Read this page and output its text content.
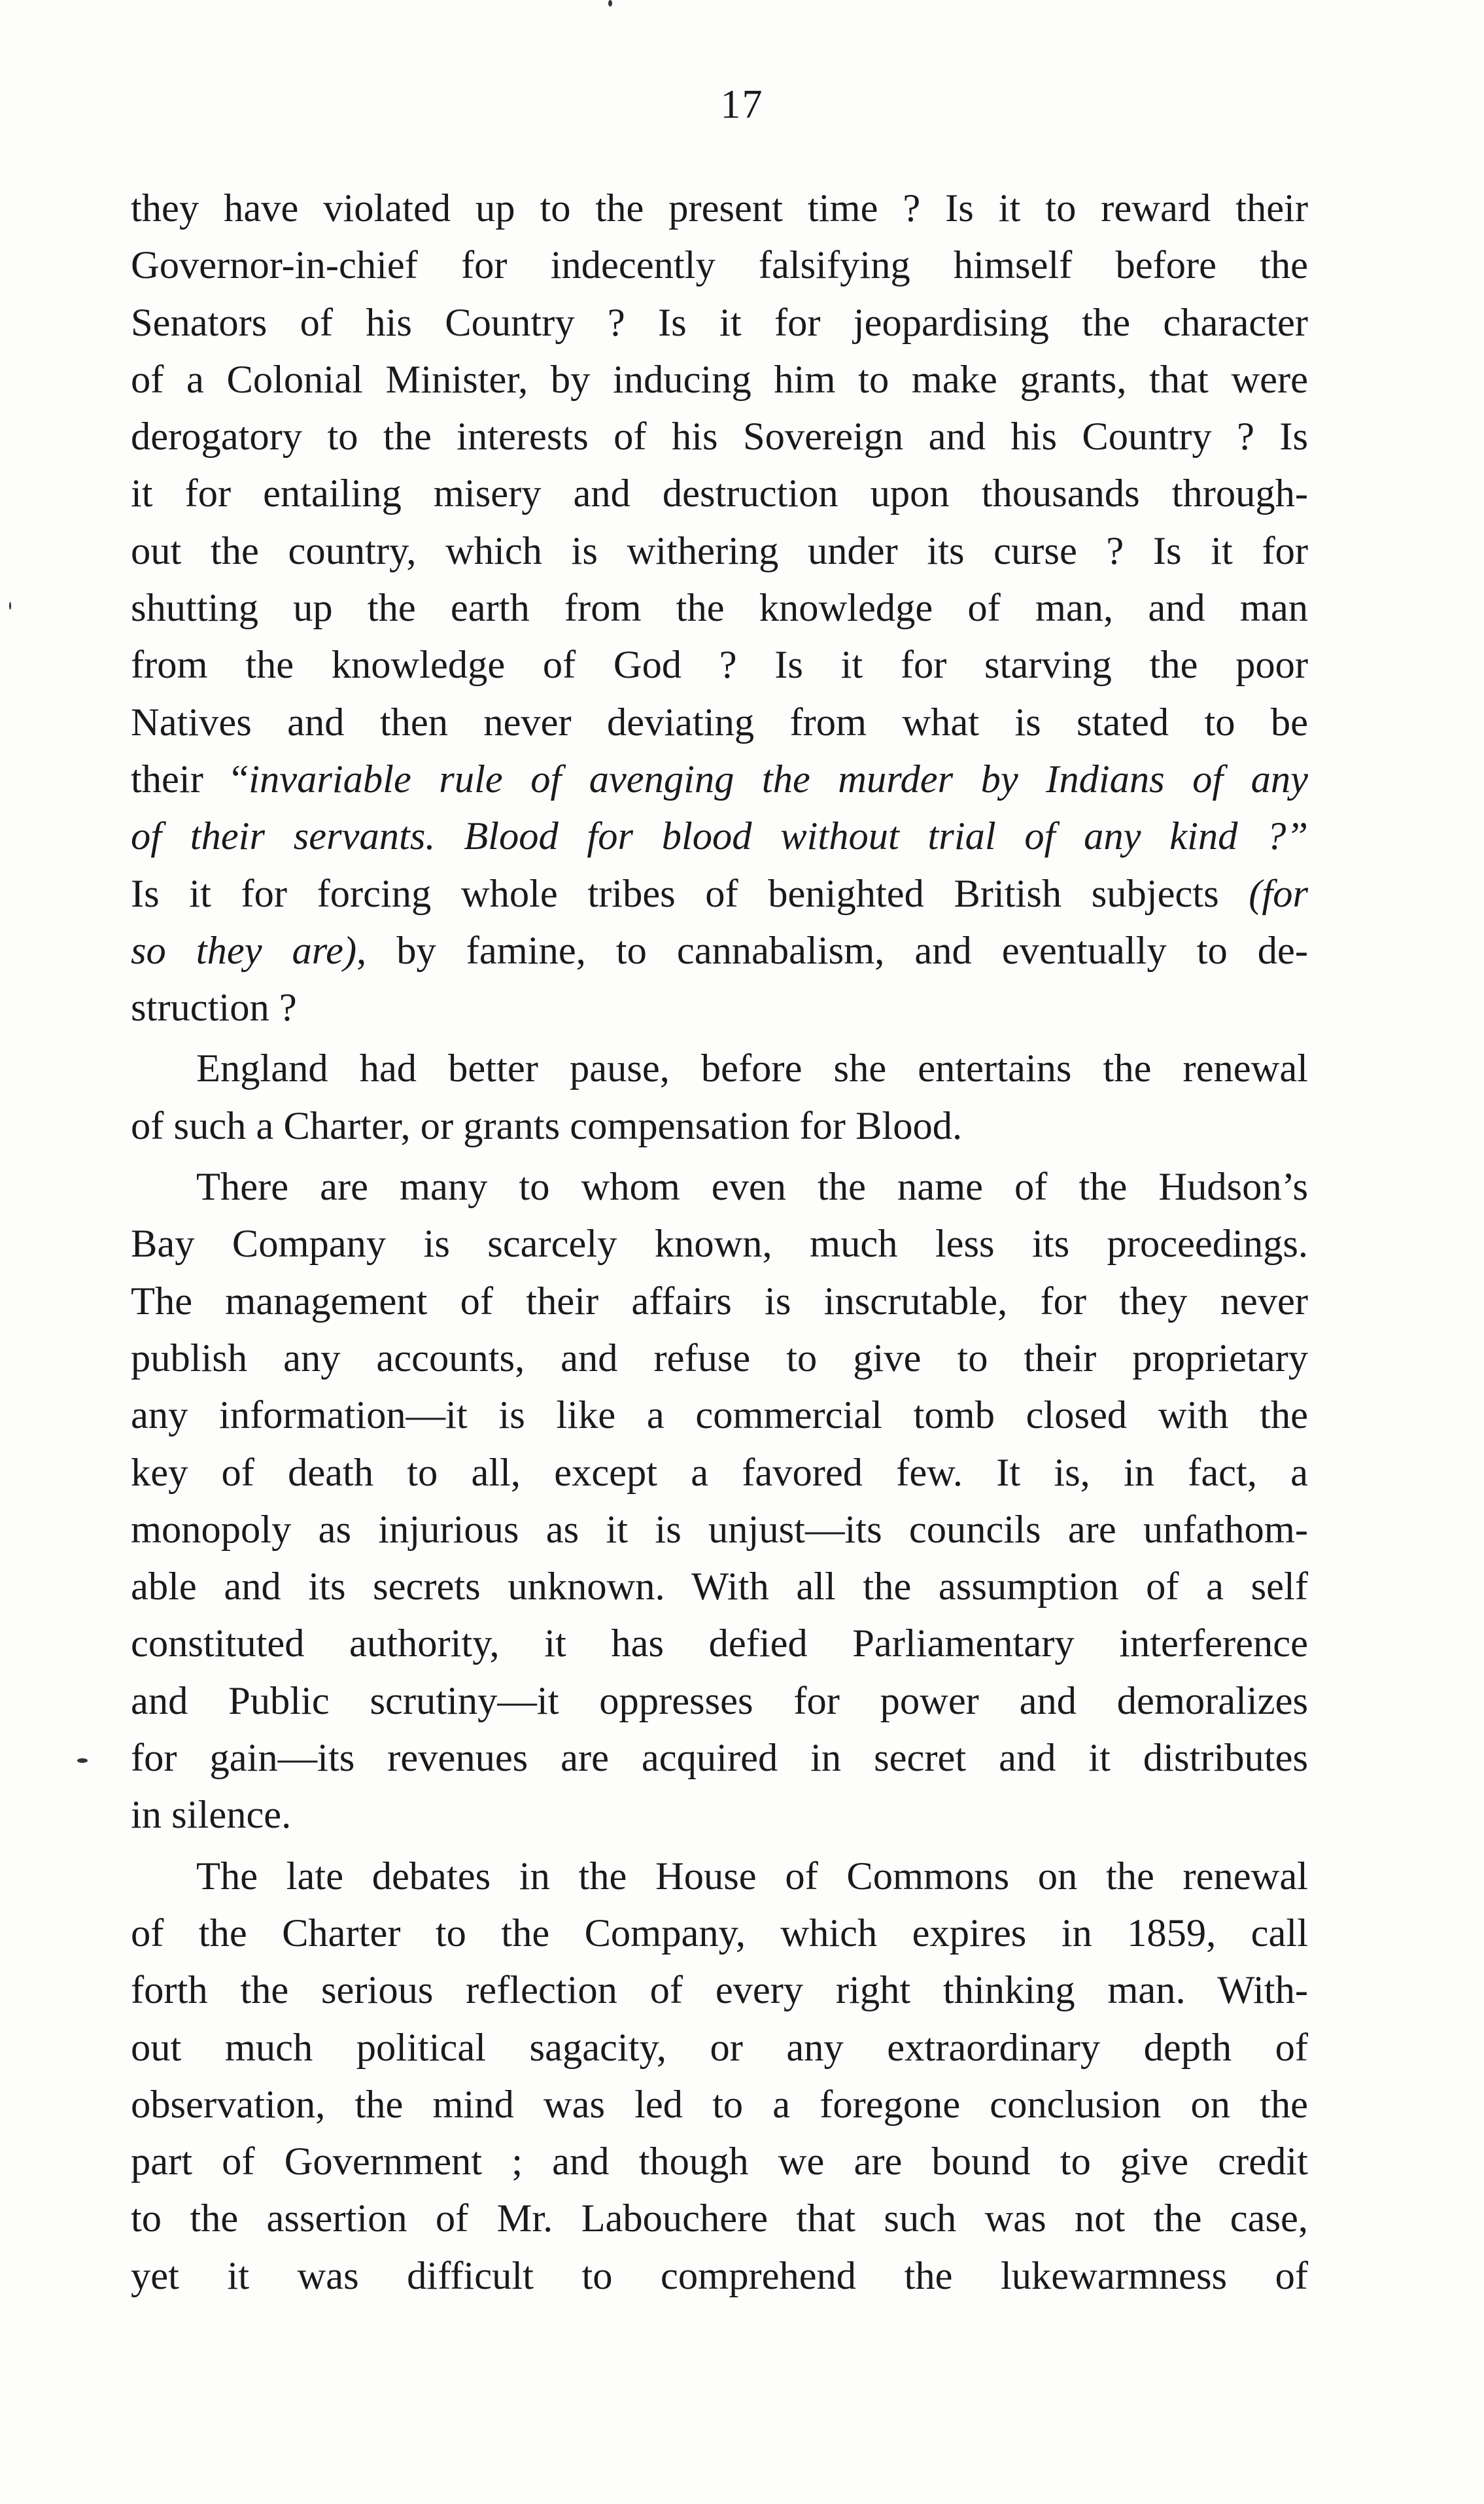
17
they have violated up to the present time ? Is it to reward their
Governor-in-chief for indecently falsifying himself before the
Senators of his Country ? Is it for jeopardising the character
of a Colonial Minister, by inducing him to make grants, that were
derogatory to the interests of his Sovereign and his Country ? Is
it for entailing misery and destruction upon thousands through-
out the country, which is withering under its curse ? Is it for
shutting up the earth from the knowledge of man, and man
from the knowledge of God ? Is it for starving the poor
Natives and then never deviating from what is stated to be
their “invariable rule of avenging the murder by Indians of any
of their servants. Blood for blood without trial of any kind ?”
Is it for forcing whole tribes of benighted British subjects (for
so they are), by famine, to cannabalism, and eventually to de-
struction ?
England had better pause, before she entertains the renewal
of such a Charter, or grants compensation for Blood.
There are many to whom even the name of the Hudson’s
Bay Company is scarcely known, much less its proceedings.
The management of their affairs is inscrutable, for they never
publish any accounts, and refuse to give to their proprietary
any information—it is like a commercial tomb closed with the
key of death to all, except a favored few. It is, in fact, a
monopoly as injurious as it is unjust—its councils are unfathom-
able and its secrets unknown. With all the assumption of a self
constituted authority, it has defied Parliamentary interference
and Public scrutiny—it oppresses for power and demoralizes
for gain—its revenues are acquired in secret and it distributes
in silence.
The late debates in the House of Commons on the renewal
of the Charter to the Company, which expires in 1859, call
forth the serious reflection of every right thinking man. With-
out much political sagacity, or any extraordinary depth of
observation, the mind was led to a foregone conclusion on the
part of Government ; and though we are bound to give credit
to the assertion of Mr. Labouchere that such was not the case,
yet it was difficult to comprehend the lukewarmness of
